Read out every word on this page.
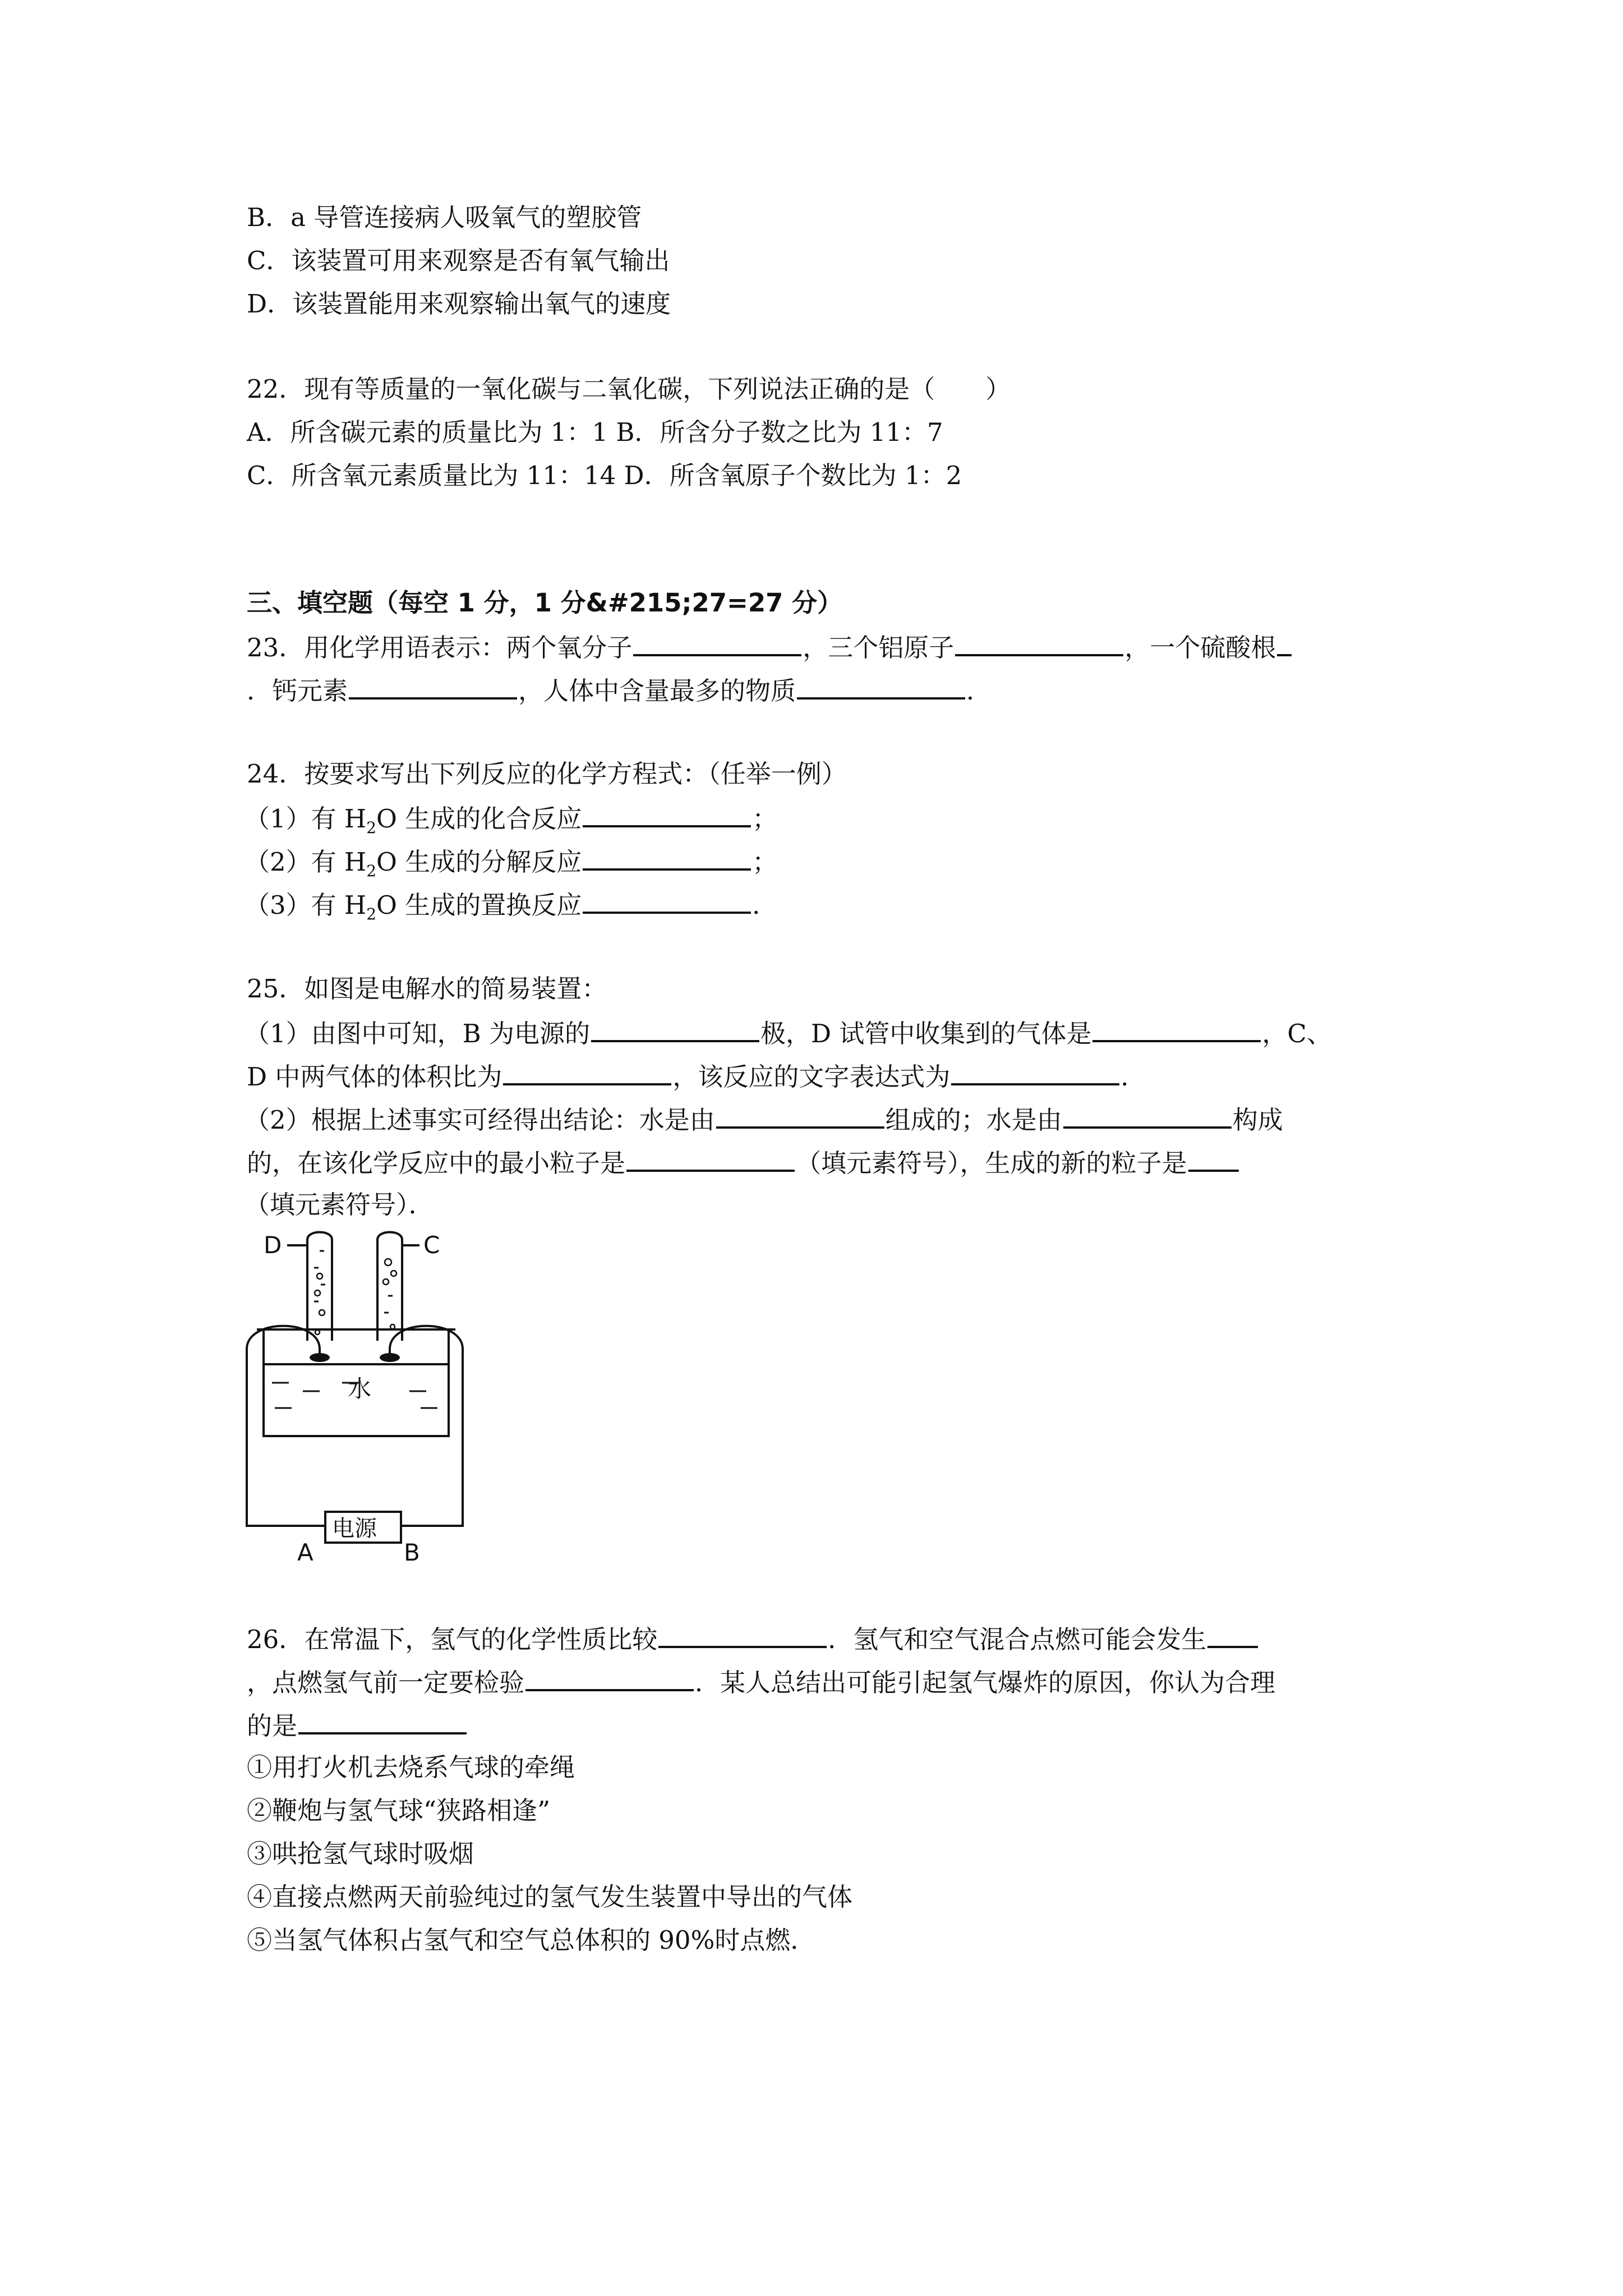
B．a 导管连接病人吸氧气的塑胶管
C．该装置可用来观察是否有氧气输出
D．该装置能用来观察输出氧气的速度
22．现有等质量的一氧化碳与二氧化碳，下列说法正确的是（　　）
A．所含碳元素的质量比为 1：1 B．所含分子数之比为 11：7
C．所含氧元素质量比为 11：14 D．所含氧原子个数比为 1：2
三、填空题（每空 1 分，1 分&#215;27=27 分）
23．用化学用语表示：两个氧分子	，三个铝原子	，一个硫酸根
．钙元素	，人体中含量最多的物质	．
24．按要求写出下列反应的化学方程式：（任举一例）
（1）有 $H_2O$ 生成的化合反应	；
（2）有 $H_2O$ 生成的分解反应	；
（3）有 $H_2O$ 生成的置换反应	．
25．如图是电解水的简易装置：
（1）由图中可知，B 为电源的	极，D 试管中收集到的气体是	，C、
D 中两气体的体积比为	，该反应的文字表达式为	．
（2）根据上述事实可经得出结论：水是由	组成的；水是由	构成
的，在该化学反应中的最小粒子是	（填元素符号），生成的新的粒子是
（填元素符号）．
D	C
水
电源
A	B
26．在常温下，氢气的化学性质比较	．氢气和空气混合点燃可能会发生
，点燃氢气前一定要检验	．某人总结出可能引起氢气爆炸的原因，你认为合理
的是
①用打火机去烧系气球的牵绳
②鞭炮与氢气球“狭路相逢”
③哄抢氢气球时吸烟
④直接点燃两天前验纯过的氢气发生装置中导出的气体
⑤当氢气体积占氢气和空气总体积的 90%时点燃．
